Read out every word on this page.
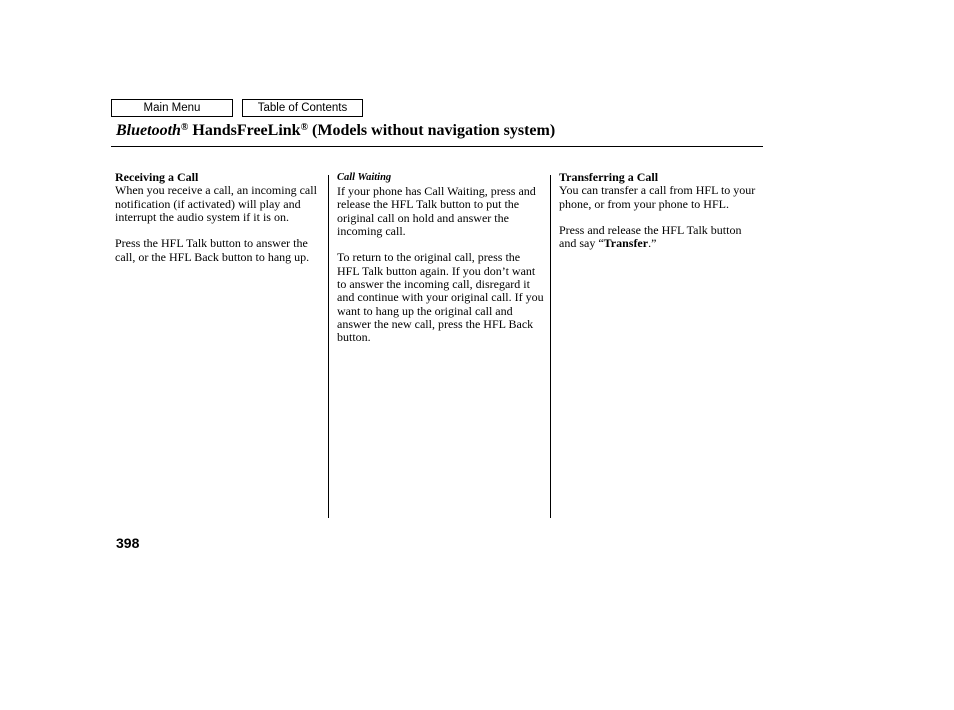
Main Menu	Table of Contents
Bluetooth® HandsFreeLink® (Models without navigation system)
Receiving a Call

When you receive a call, an incoming call notification (if activated) will play and interrupt the audio system if it is on.

Press the HFL Talk button to answer the call, or the HFL Back button to hang up.

Call Waiting

If your phone has Call Waiting, press and release the HFL Talk button to put the original call on hold and answer the incoming call.

To return to the original call, press the HFL Talk button again. If you don’t want to answer the incoming call, disregard it and continue with your original call. If you want to hang up the original call and answer the new call, press the HFL Back button.

Transferring a Call

You can transfer a call from HFL to your phone, or from your phone to HFL.

Press and release the HFL Talk button and say “Transfer.”

398
